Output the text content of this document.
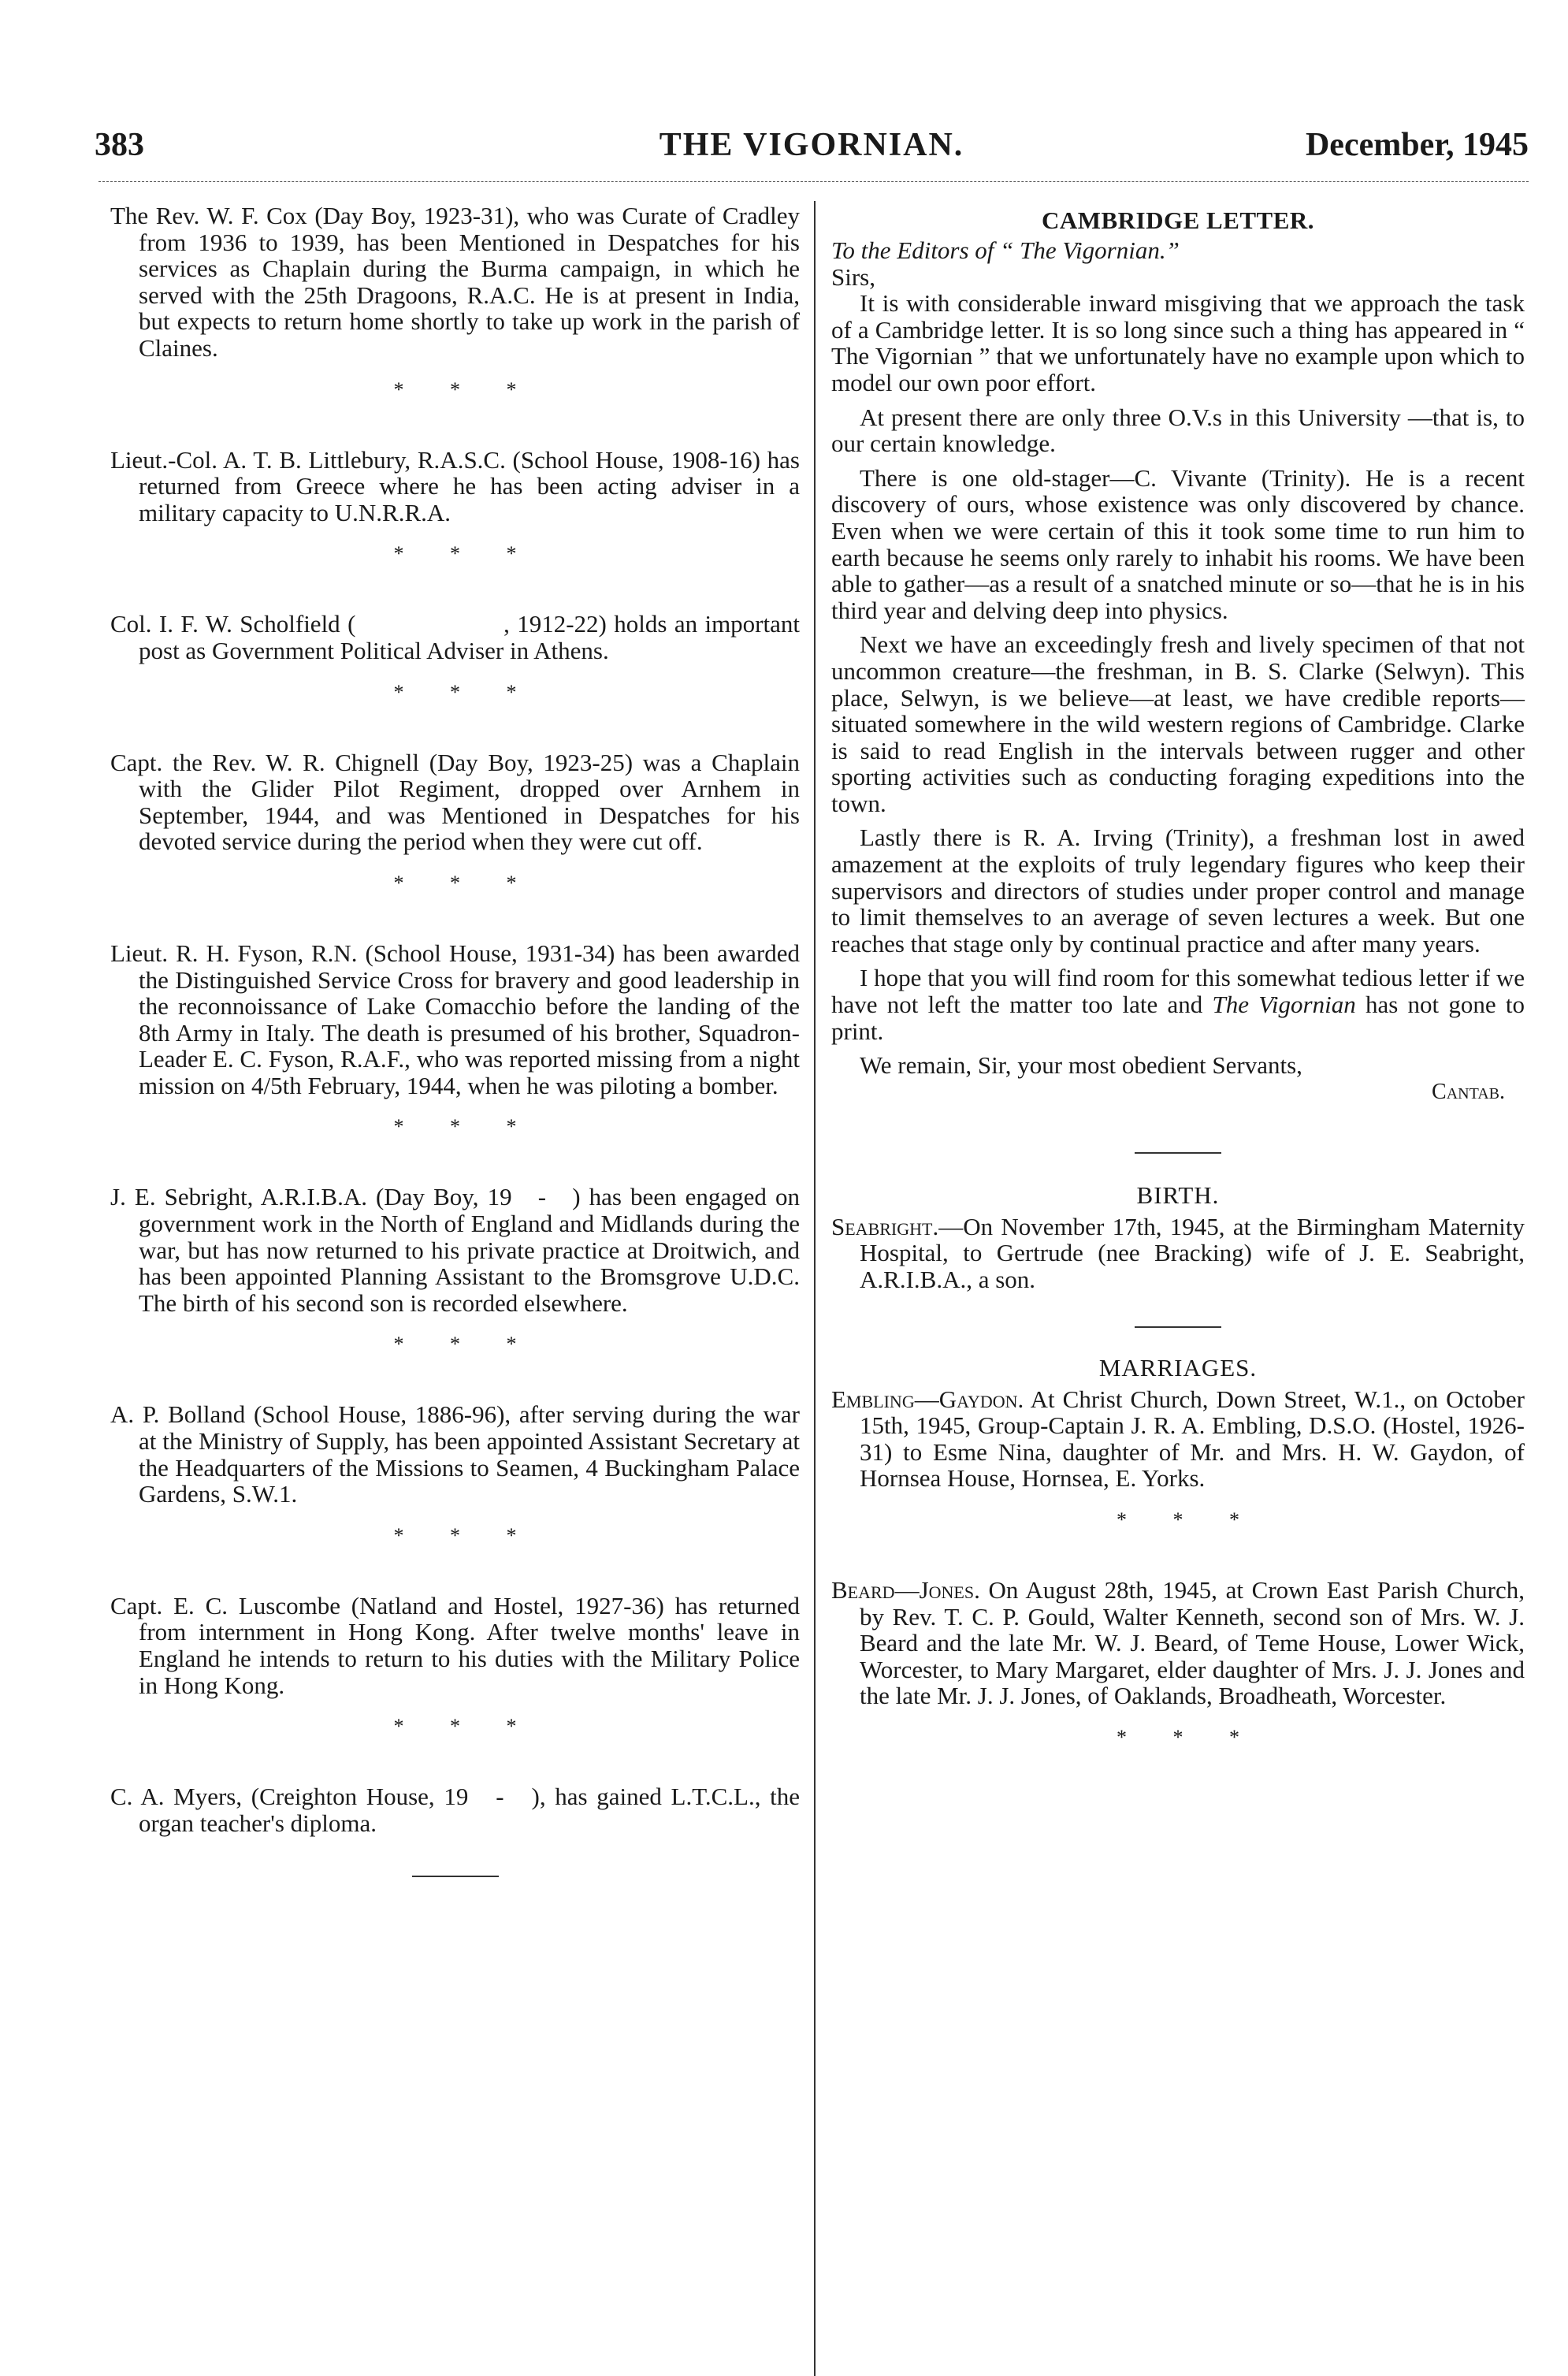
THE VIGORNIAN.
383	December, 1945

The Rev. W. F. Cox (Day Boy, 1923-31), who was Curate of Cradley from 1936 to 1939, has been Mentioned in Despatches for his services as Chaplain during the Burma campaign, in which he served with the 25th Dragoons, R.A.C. He is at present in India, but expects to return home shortly to take up work in the parish of Claines.

* * *

Lieut.-Col. A. T. B. Littlebury, R.A.S.C. (School House, 1908-16) has returned from Greece where he has been acting adviser in a military capacity to U.N.R.R.A.

* * *

Col. I. F. W. Scholfield (                    , 1912-22) holds an important post as Government Political Adviser in Athens.

* * *

Capt. the Rev. W. R. Chignell (Day Boy, 1923-25) was a Chaplain with the Glider Pilot Regiment, dropped over Arnhem in September, 1944, and was Mentioned in Despatches for his devoted service during the period when they were cut off.

* * *

Lieut. R. H. Fyson, R.N. (School House, 1931-34) has been awarded the Distinguished Service Cross for bravery and good leadership in the reconnoissance of Lake Comacchio before the landing of the 8th Army in Italy. The death is presumed of his brother, Squadron-Leader E. C. Fyson, R.A.F., who was reported missing from a night mission on 4/5th February, 1944, when he was piloting a bomber.

* * *

J. E. Sebright, A.R.I.B.A. (Day Boy, 19   -   ) has been engaged on government work in the North of England and Midlands during the war, but has now returned to his private practice at Droitwich, and has been appointed Planning Assistant to the Bromsgrove U.D.C. The birth of his second son is recorded elsewhere.

* * *

A. P. Bolland (School House, 1886-96), after serving during the war at the Ministry of Supply, has been appointed Assistant Secretary at the Headquarters of the Missions to Seamen, 4 Buckingham Palace Gardens, S.W.1.

* * *

Capt. E. C. Luscombe (Natland and Hostel, 1927-36) has returned from internment in Hong Kong. After twelve months' leave in England he intends to return to his duties with the Military Police in Hong Kong.

* * *

C. A. Myers, (Creighton House, 19   -   ), has gained L.T.C.L., the organ teacher's diploma.

CAMBRIDGE LETTER.

To the Editors of “ The Vigornian.”

Sirs,

It is with considerable inward misgiving that we approach the task of a Cambridge letter. It is so long since such a thing has appeared in “ The Vigornian ” that we unfortunately have no example upon which to model our own poor effort.

At present there are only three O.V.s in this University —that is, to our certain knowledge.

There is one old-stager—C. Vivante (Trinity). He is a recent discovery of ours, whose existence was only discovered by chance. Even when we were certain of this it took some time to run him to earth because he seems only rarely to inhabit his rooms. We have been able to gather—as a result of a snatched minute or so—that he is in his third year and delving deep into physics.

Next we have an exceedingly fresh and lively specimen of that not uncommon creature—the freshman, in B. S. Clarke (Selwyn). This place, Selwyn, is we believe—at least, we have credible reports—situated somewhere in the wild western regions of Cambridge. Clarke is said to read English in the intervals between rugger and other sporting activities such as conducting foraging expeditions into the town.

Lastly there is R. A. Irving (Trinity), a freshman lost in awed amazement at the exploits of truly legendary figures who keep their supervisors and directors of studies under proper control and manage to limit themselves to an average of seven lectures a week. But one reaches that stage only by continual practice and after many years.

I hope that you will find room for this somewhat tedious letter if we have not left the matter too late and The Vigornian has not gone to print.

We remain, Sir, your most obedient Servants,

Cantab.

BIRTH.

Seabright.—On November 17th, 1945, at the Birmingham Maternity Hospital, to Gertrude (nee Bracking) wife of J. E. Seabright, A.R.I.B.A., a son.

MARRIAGES.

Embling—Gaydon. At Christ Church, Down Street, W.1., on October 15th, 1945, Group-Captain J. R. A. Embling, D.S.O. (Hostel, 1926-31) to Esme Nina, daughter of Mr. and Mrs. H. W. Gaydon, of Hornsea House, Hornsea, E. Yorks.

* * *

Beard—Jones. On August 28th, 1945, at Crown East Parish Church, by Rev. T. C. P. Gould, Walter Kenneth, second son of Mrs. W. J. Beard and the late Mr. W. J. Beard, of Teme House, Lower Wick, Worcester, to Mary Margaret, elder daughter of Mrs. J. J. Jones and the late Mr. J. J. Jones, of Oaklands, Broadheath, Worcester.

* * *
